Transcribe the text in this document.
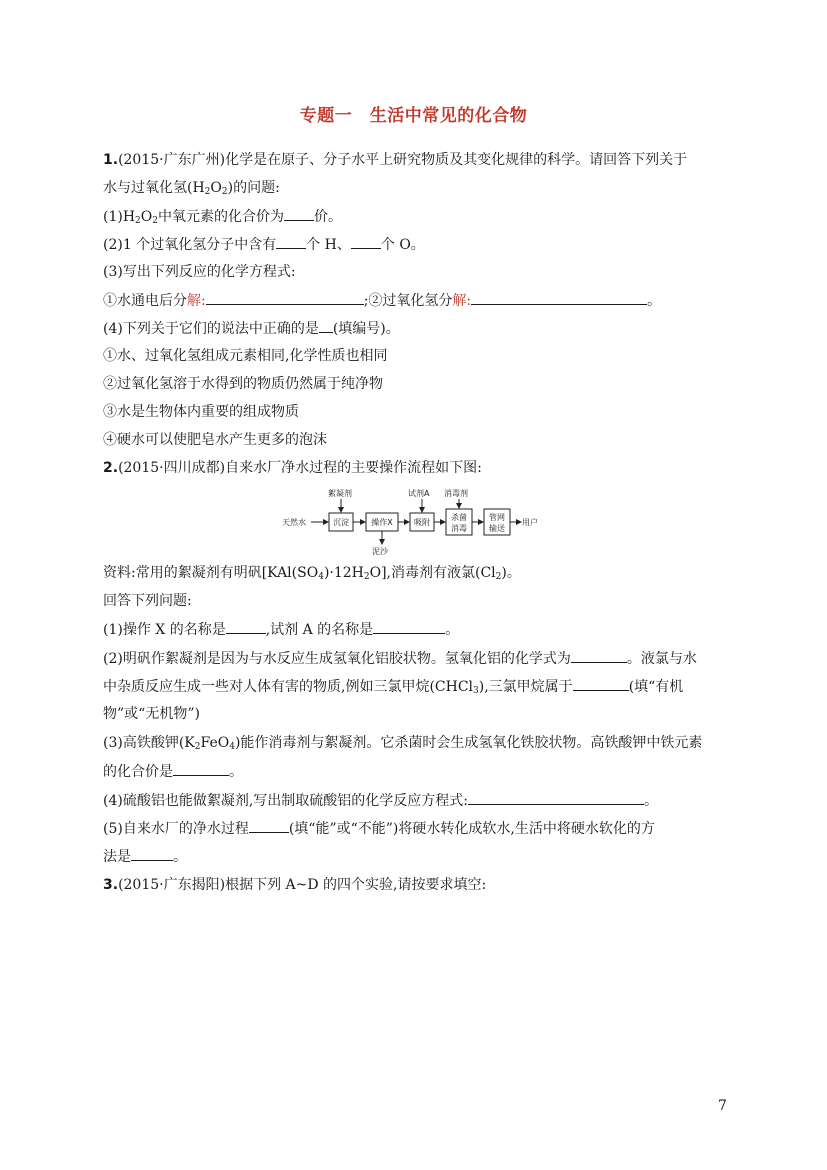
专题一　生活中常见的化合物
1.(2015·广东广州)化学是在原子、分子水平上研究物质及其变化规律的科学。请回答下列关于
水与过氧化氢$(H_2O_2)$的问题:
$(1)H_2O_2$中氧元素的化合价为 价。
(2)1 个过氧化氢分子中含有 个 H、 个 O。
(3)写出下列反应的化学方程式:
①水通电后分解:	;②过氧化氢分解:	。
(4)下列关于它们的说法中正确的是 (填编号)。
①水、过氧化氢组成元素相同,化学性质也相同
②过氧化氢溶于水得到的物质仍然属于纯净物
③水是生物体内重要的组成物质
④硬水可以使肥皂水产生更多的泡沫
2.(2015·四川成都)自来水厂净水过程的主要操作流程如下图:
天然水
絮凝剂	试剂A 消毒剂
用户
泥沙
沉淀	操作X	吸附
杀菌
消毒
管网
输送
资料:常用的絮凝剂有明矾$[KAl(SO_4)\cdot 12H_2O]$,消毒剂有液氯$(Cl_2)$。
回答下列问题:
(1)操作 X 的名称是	,试剂 A 的名称是	。
(2)明矾作絮凝剂是因为与水反应生成氢氧化铝胶状物。氢氧化铝的化学式为	。液氯与水
中杂质反应生成一些对人体有害的物质,例如三氯甲烷(CHCl$_3$),三氯甲烷属于	(填“有机
物”或“无机物”)
(3)高铁酸钾$(K_2FeO_4)$能作消毒剂与絮凝剂。它杀菌时会生成氢氧化铁胶状物。高铁酸钾中铁元素
的化合价是	。
(4)硫酸铝也能做絮凝剂,写出制取硫酸铝的化学反应方程式:	。
(5)自来水厂的净水过程	(填“能”或“不能”)将硬水转化成软水,生活中将硬水软化的方
法是	。
3.(2015·广东揭阳)根据下列 A~D 的四个实验,请按要求填空:
7
